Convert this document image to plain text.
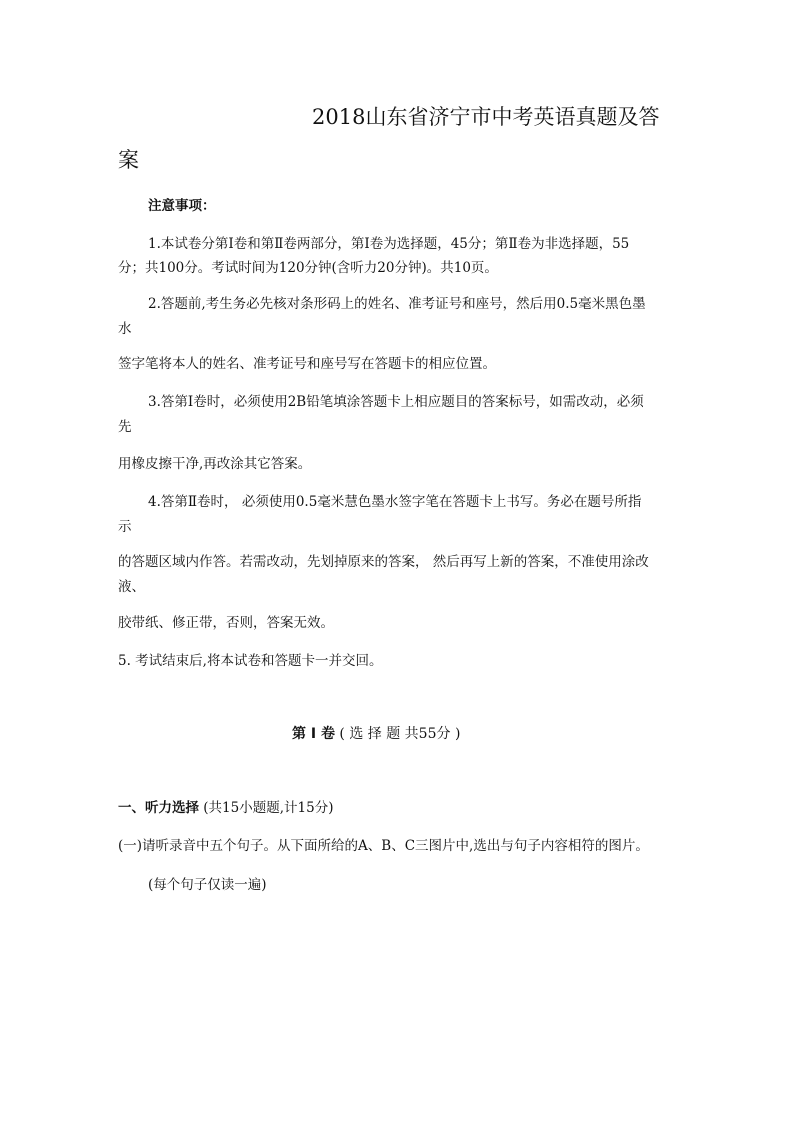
2018山东省济宁市中考英语真题及答
案
注意事项：
1.本试卷分第Ⅰ卷和第Ⅱ卷两部分，第Ⅰ卷为选择题，45分；第Ⅱ卷为非选择题，55
分；共100分。考试时间为120分钟(含听力20分钟)。共10页。
2.答题前,考生务必先核对条形码上的姓名、准考证号和座号，然后用0.5毫米黑色墨
水
签字笔将本人的姓名、准考证号和座号写在答题卡的相应位置。
3.答第Ⅰ卷时，必须使用2B铅笔填涂答题卡上相应题目的答案标号，如需改动，必须
先
用橡皮擦干净,再改涂其它答案。
4.答第Ⅱ卷时， 必须使用0.5毫米慧色墨水签字笔在答题卡上书写。务必在题号所指
示
的答题区域内作答。若需改动，先划掉原来的答案， 然后再写上新的答案，不准使用涂改
液、
胶带纸、修正带，否则，答案无效。
5. 考试结束后,将本试卷和答题卡一并交回。
第 Ⅰ 卷 ( 选 择 题 共55分 )
一、听力选择 (共15小题题,计15分)
(一)请听录音中五个句子。从下面所给的A、B、C三图片中,选出与句子内容相符的图片。
(每个句子仅读一遍)
